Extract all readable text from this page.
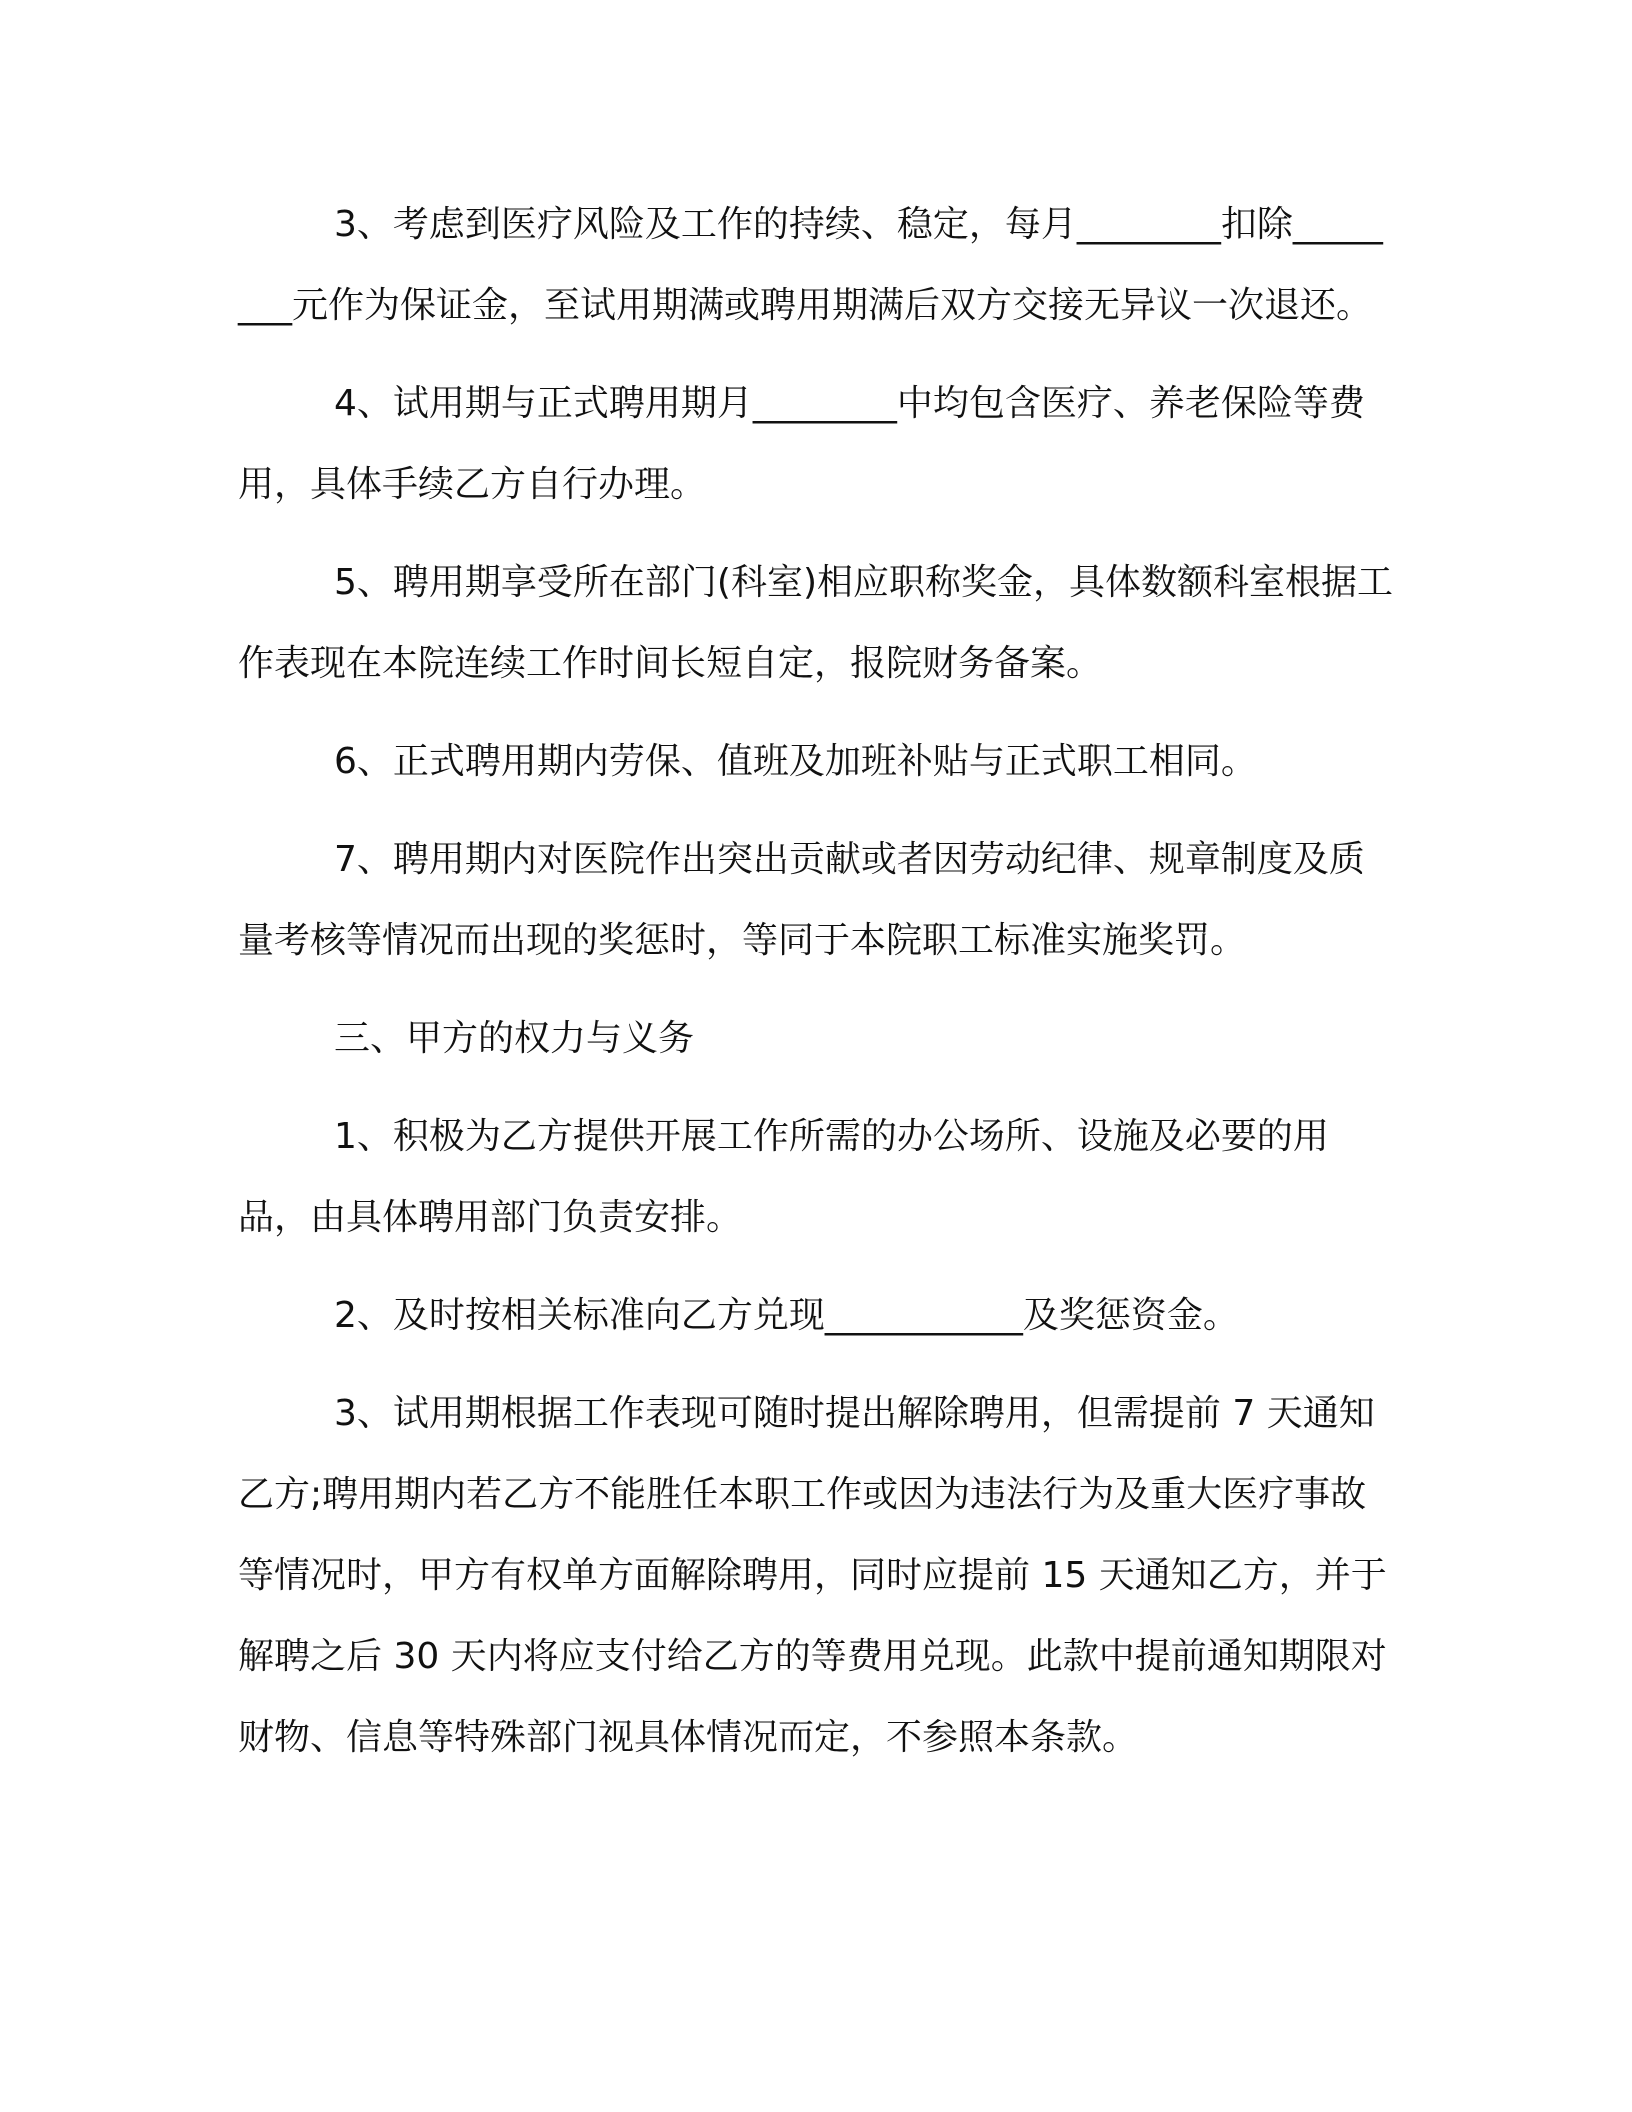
3、考虑到医疗风险及工作的持续、稳定，每月________扣除________元作为保证金，至试用期满或聘用期满后双方交接无异议一次退还。

4、试用期与正式聘用期月________中均包含医疗、养老保险等费用，具体手续乙方自行办理。

5、聘用期享受所在部门(科室)相应职称奖金，具体数额科室根据工作表现在本院连续工作时间长短自定，报院财务备案。

6、正式聘用期内劳保、值班及加班补贴与正式职工相同。

7、聘用期内对医院作出突出贡献或者因劳动纪律、规章制度及质量考核等情况而出现的奖惩时，等同于本院职工标准实施奖罚。

三、甲方的权力与义务

1、积极为乙方提供开展工作所需的办公场所、设施及必要的用品，由具体聘用部门负责安排。

2、及时按相关标准向乙方兑现___________及奖惩资金。

3、试用期根据工作表现可随时提出解除聘用，但需提前 7 天通知乙方;聘用期内若乙方不能胜任本职工作或因为违法行为及重大医疗事故等情况时，甲方有权单方面解除聘用，同时应提前 15 天通知乙方，并于解聘之后 30 天内将应支付给乙方的等费用兑现。此款中提前通知期限对财物、信息等特殊部门视具体情况而定，不参照本条款。
